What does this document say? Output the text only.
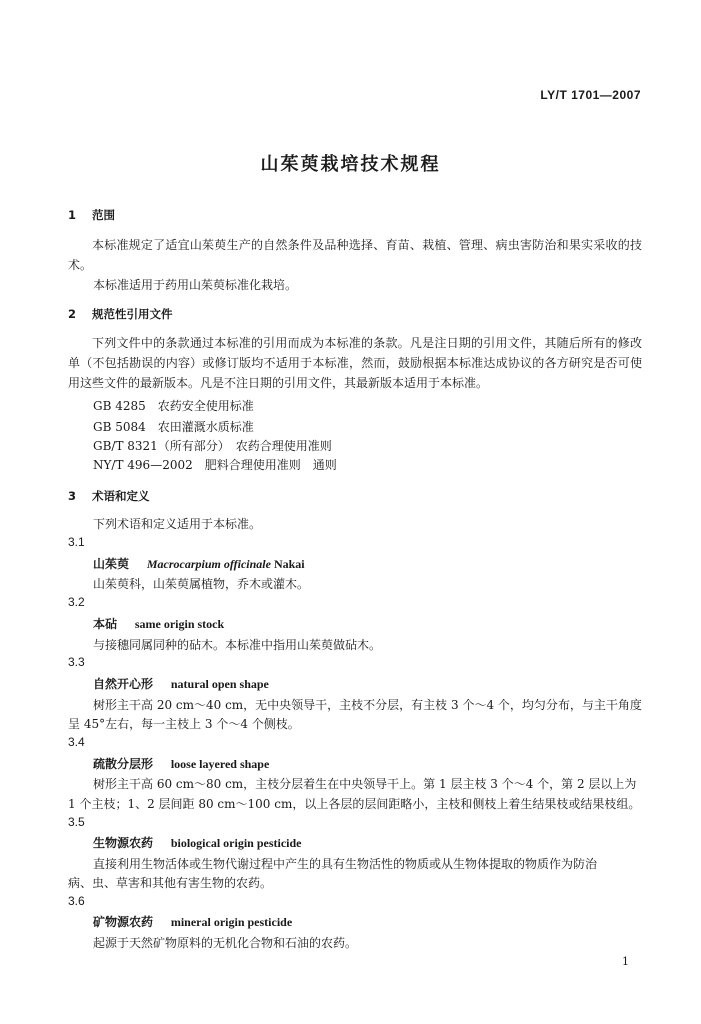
LY/T 1701—2007
山茱萸栽培技术规程
1 范围
本标准规定了适宜山茱萸生产的自然条件及品种选择、育苗、栽植、管理、病虫害防治和果实采收的技术。
本标准适用于药用山茱萸标准化栽培。
2 规范性引用文件
下列文件中的条款通过本标准的引用而成为本标准的条款。凡是注日期的引用文件，其随后所有的修改单（不包括勘误的内容）或修订版均不适用于本标准，然而，鼓励根据本标准达成协议的各方研究是否可使用这些文件的最新版本。凡是不注日期的引用文件，其最新版本适用于本标准。
GB 4285　农药安全使用标准
GB 5084　农田灌溉水质标准
GB/T 8321（所有部分）　农药合理使用准则
NY/T 496—2002　肥料合理使用准则　通则
3 术语和定义
下列术语和定义适用于本标准。
3.1
山茱萸 Macrocarpium officinale Nakai
山茱萸科，山茱萸属植物，乔木或灌木。
3.2
本砧 same origin stock
与接穗同属同种的砧木。本标准中指用山茱萸做砧木。
3.3
自然开心形 natural open shape
树形主干高 20 cm～40 cm，无中央领导干，主枝不分层，有主枝 3 个～4 个，均匀分布，与主干角度
呈 45°左右，每一主枝上 3 个～4 个侧枝。
3.4
疏散分层形 loose layered shape
树形主干高 60 cm～80 cm，主枝分层着生在中央领导干上。第 1 层主枝 3 个～4 个，第 2 层以上为
1 个主枝；1、2 层间距 80 cm～100 cm，以上各层的层间距略小，主枝和侧枝上着生结果枝或结果枝组。
3.5
生物源农药 biological origin pesticide
直接利用生物活体或生物代谢过程中产生的具有生物活性的物质或从生物体提取的物质作为防治
病、虫、草害和其他有害生物的农药。
3.6
矿物源农药 mineral origin pesticide
起源于天然矿物原料的无机化合物和石油的农药。
1
